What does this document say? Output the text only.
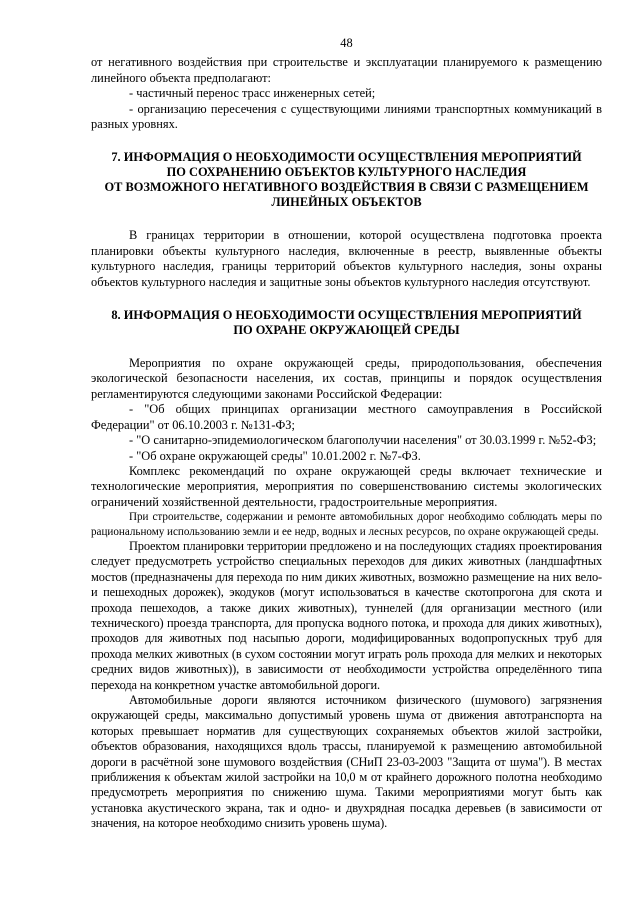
48

от негативного воздействия при строительстве и эксплуатации планируемого к размещению линейного объекта предполагают:

- частичный перенос трасс инженерных сетей;

- организацию пересечения с существующими линиями транспортных коммуникаций в разных уровнях.

7. ИНФОРМАЦИЯ О НЕОБХОДИМОСТИ ОСУЩЕСТВЛЕНИЯ МЕРОПРИЯТИЙ

ПО СОХРАНЕНИЮ ОБЪЕКТОВ КУЛЬТУРНОГО НАСЛЕДИЯ

ОТ ВОЗМОЖНОГО НЕГАТИВНОГО ВОЗДЕЙСТВИЯ В СВЯЗИ С РАЗМЕЩЕНИЕМ

ЛИНЕЙНЫХ ОБЪЕКТОВ

В границах территории в отношении, которой осуществлена подготовка проекта планировки объекты культурного наследия, включенные в реестр, выявленные объекты культурного наследия, границы территорий объектов культурного наследия, зоны охраны объектов культурного наследия и защитные зоны объектов культурного наследия отсутствуют.

8. ИНФОРМАЦИЯ О НЕОБХОДИМОСТИ ОСУЩЕСТВЛЕНИЯ МЕРОПРИЯТИЙ

ПО ОХРАНЕ ОКРУЖАЮЩЕЙ СРЕДЫ

Мероприятия по охране окружающей среды, природопользования, обеспечения экологической безопасности населения, их состав, принципы и порядок осуществления регламентируются следующими законами Российской Федерации:

- "Об общих принципах организации местного самоуправления в Российской Федерации" от 06.10.2003 г. №131-ФЗ;

- "О санитарно-эпидемиологическом благополучии населения" от 30.03.1999 г. №52-ФЗ;

- "Об охране окружающей среды" 10.01.2002 г. №7-ФЗ.

Комплекс рекомендаций по охране окружающей среды включает технические и технологические мероприятия, мероприятия по совершенствованию системы экологических ограничений хозяйственной деятельности, градостроительные мероприятия.

При строительстве, содержании и ремонте автомобильных дорог необходимо соблюдать меры по рациональному использованию земли и ее недр, водных и лесных ресурсов, по охране окружающей среды.

Проектом планировки территории предложено и на последующих стадиях проектирования следует предусмотреть устройство специальных переходов для диких животных (ландшафтных мостов (предназначены для перехода по ним диких животных, возможно размещение на них вело- и пешеходных дорожек), экодуков (могут использоваться в качестве скотопрогона для скота и прохода пешеходов, а также диких животных), туннелей (для организации местного (или технического) проезда транспорта, для пропуска водного потока, и прохода для диких животных), проходов для животных под насыпью дороги, модифицированных водопропускных труб для прохода мелких животных (в сухом состоянии могут играть роль прохода для мелких и некоторых средних видов животных)), в зависимости от необходимости устройства определённого типа перехода на конкретном участке автомобильной дороги.

Автомобильные дороги являются источником физического (шумового) загрязнения окружающей среды, максимально допустимый уровень шума от движения автотранспорта на которых превышает норматив для существующих сохраняемых объектов жилой застройки, объектов образования, находящихся вдоль трассы, планируемой к размещению автомобильной дороги в расчётной зоне шумового воздействия (СНиП 23-03-2003 "Защита от шума"). В местах приближения к объектам жилой застройки на 10,0 м от крайнего дорожного полотна необходимо предусмотреть мероприятия по снижению шума. Такими мероприятиями могут быть как установка акустического экрана, так и одно- и двухрядная посадка деревьев (в зависимости от значения, на которое необходимо снизить уровень шума).
